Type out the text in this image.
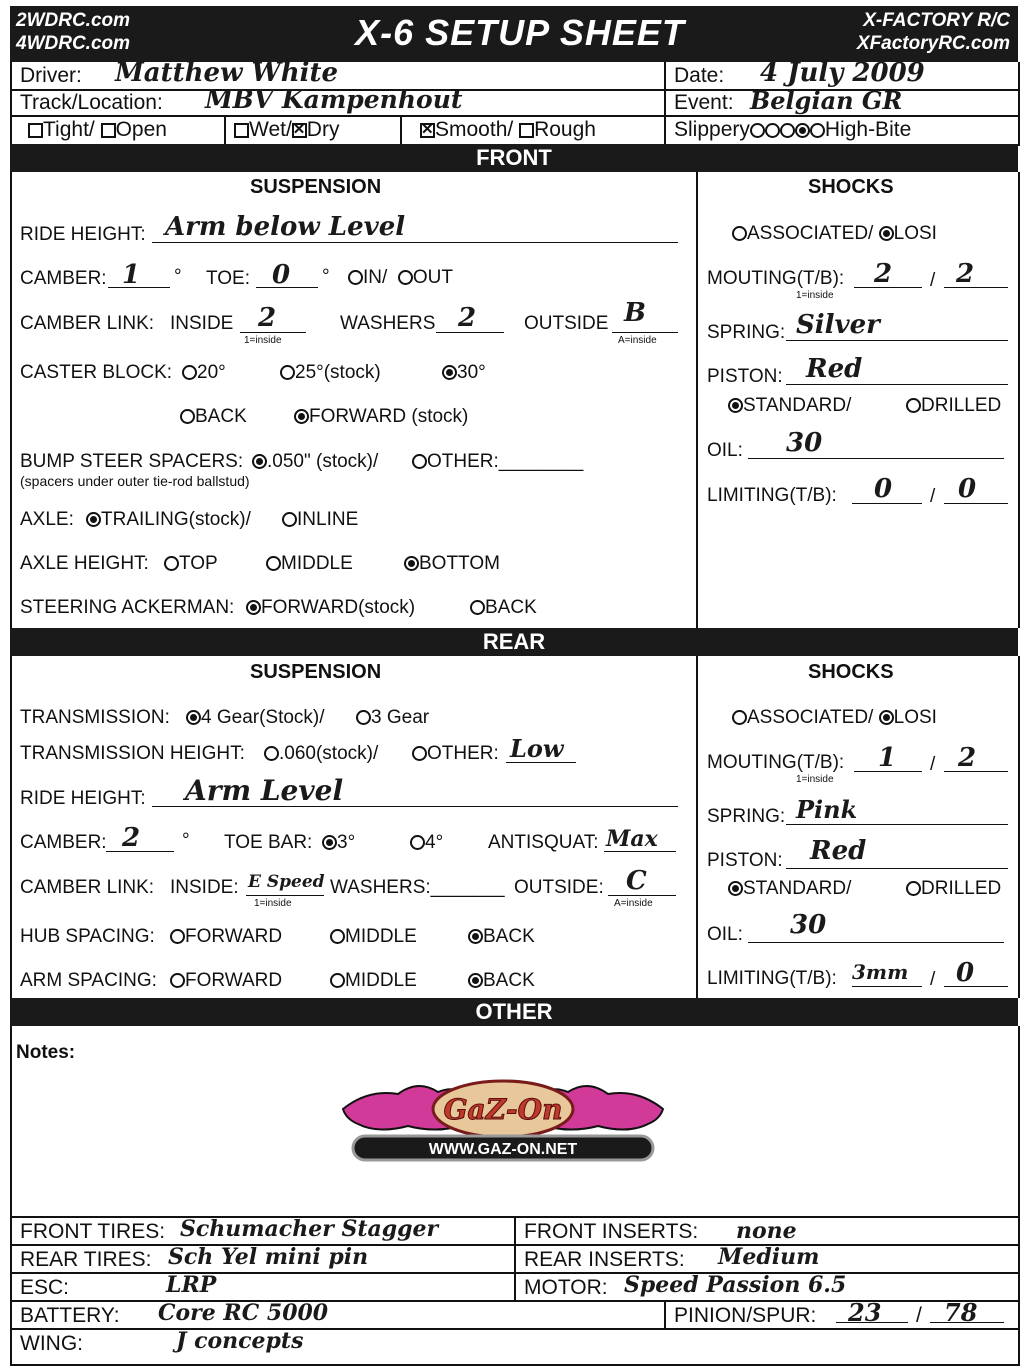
2WDRC.com
4WDRC.com	X-6 SETUP SHEET	X-FACTORY R/C
XFactoryRC.com
Driver: Matthew White	Date: 4 July 2009
Track/Location: MBV Kampenhout	Event: Belgian GR
Tight/ Open	Wet/ ✕ Dry ✕	Smooth/ Rough	Slippery	High-Bite
FRONT
SUSPENSION	SHOCKS
RIDE HEIGHT: Arm below Level
CAMBER: 1 ° TOE: 0 °	IN/ OUT
CAMBER LINK: INSIDE 2
1=inside
WASHERS 2	OUTSIDE B
A=inside
CASTER BLOCK:	20°	25°(stock)	30°
BACK	FORWARD (stock)
BUMP STEER SPACERS:	.050" (stock)/	OTHER:________
(spacers under outer tie-rod ballstud)
AXLE:	TRAILING(stock)/	INLINE
AXLE HEIGHT:	TOP	MIDDLE	BOTTOM
STEERING ACKERMAN:	FORWARD(stock)	BACK
ASSOCIATED/ LOSI
MOUTING(T/B): 2 / 2
1=inside
SPRING: Silver
PISTON: Red
STANDARD/	DRILLED
OIL: 30
LIMITING(T/B): 0 / 0
REAR
SUSPENSION	SHOCKS
TRANSMISSION:	4 Gear(Stock)/	3 Gear
TRANSMISSION HEIGHT:	.060(stock)/	OTHER: Low
RIDE HEIGHT: Arm Level
CAMBER: 2 ° TOE BAR:	3°	4° ANTISQUAT: Max
CAMBER LINK: INSIDE: E Speed
1=inside
WASHERS:_______ OUTSIDE: C
A=inside
HUB SPACING:	FORWARD	MIDDLE	BACK
ARM SPACING:	FORWARD	MIDDLE	BACK
ASSOCIATED/ LOSI
MOUTING(T/B): 1 / 2
1=inside
SPRING: Pink
PISTON: Red
STANDARD/	DRILLED
OIL: 30
LIMITING(T/B): 3mm / 0
OTHER
Notes:
GaZ-On
WWW.GAZ-ON.NET
FRONT TIRES: Schumacher Stagger	FRONT INSERTS: none
REAR TIRES: Sch Yel mini pin	REAR INSERTS: Medium
ESC:	LRP	MOTOR: Speed Passion 6.5
BATTERY: Core RC 5000	PINION/SPUR: 23 / 78
WING:	J concepts
